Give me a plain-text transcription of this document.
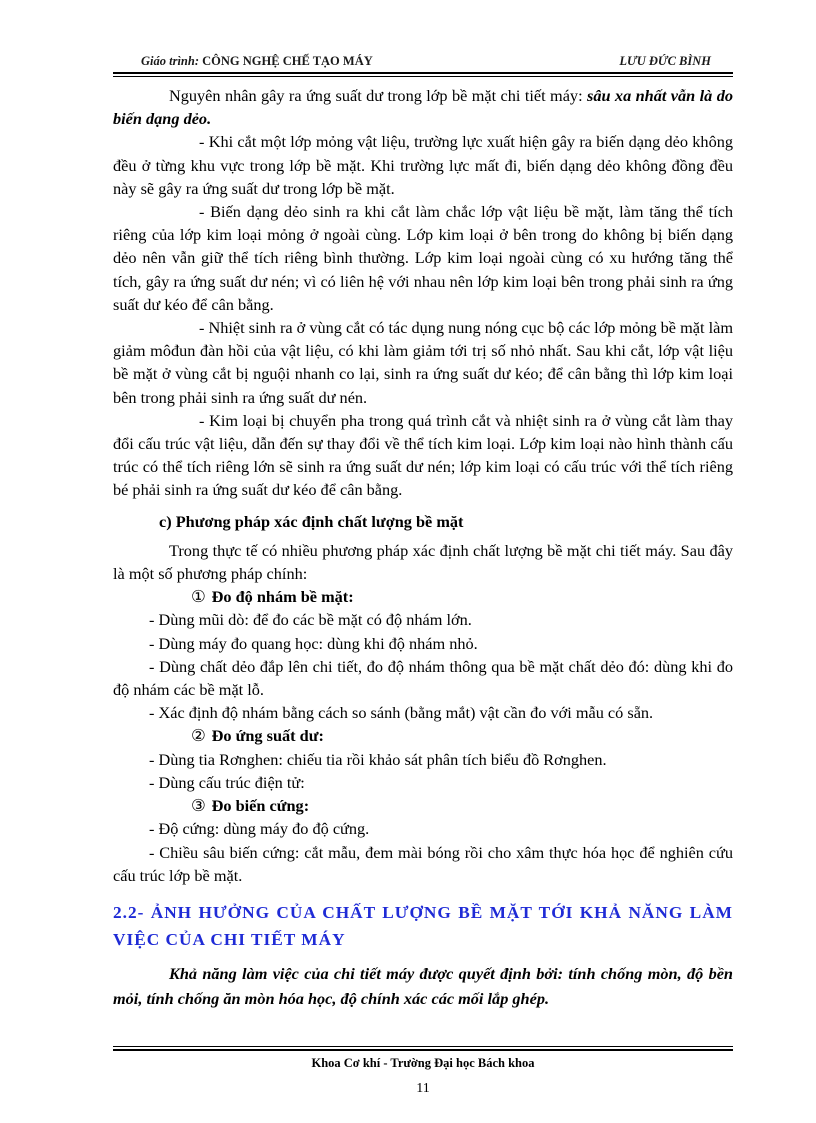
Giáo trình: CÔNG NGHỆ CHẾ TẠO MÁY	LƯU ĐỨC BÌNH

Nguyên nhân gây ra ứng suất dư trong lớp bề mặt chi tiết máy: sâu xa nhất vẫn là do biến dạng dẻo.

- Khi cắt một lớp mỏng vật liệu, trường lực xuất hiện gây ra biến dạng dẻo không đều ở từng khu vực trong lớp bề mặt. Khi trường lực mất đi, biến dạng dẻo không đồng đều này sẽ gây ra ứng suất dư trong lớp bề mặt.

- Biến dạng dẻo sinh ra khi cắt làm chắc lớp vật liệu bề mặt, làm tăng thể tích riêng của lớp kim loại mỏng ở ngoài cùng. Lớp kim loại ở bên trong do không bị biến dạng dẻo nên vẫn giữ thể tích riêng bình thường. Lớp kim loại ngoài cùng có xu hướng tăng thể tích, gây ra ứng suất dư nén; vì có liên hệ với nhau nên lớp kim loại bên trong phải sinh ra ứng suất dư kéo để cân bằng.

- Nhiệt sinh ra ở vùng cắt có tác dụng nung nóng cục bộ các lớp mỏng bề mặt làm giảm môđun đàn hồi của vật liệu, có khi làm giảm tới trị số nhỏ nhất. Sau khi cắt, lớp vật liệu bề mặt ở vùng cắt bị nguội nhanh co lại, sinh ra ứng suất dư kéo; để cân bằng thì lớp kim loại bên trong phải sinh ra ứng suất dư nén.

- Kim loại bị chuyển pha trong quá trình cắt và nhiệt sinh ra ở vùng cắt làm thay đổi cấu trúc vật liệu, dẫn đến sự thay đổi về thể tích kim loại. Lớp kim loại nào hình thành cấu trúc có thể tích riêng lớn sẽ sinh ra ứng suất dư nén; lớp kim loại có cấu trúc với thể tích riêng bé phải sinh ra ứng suất dư kéo để cân bằng.

c) Phương pháp xác định chất lượng bề mặt

Trong thực tế có nhiều phương pháp xác định chất lượng bề mặt chi tiết máy. Sau đây là một số phương pháp chính:

① Đo độ nhám bề mặt:

- Dùng mũi dò: để đo các bề mặt có độ nhám lớn.

- Dùng máy đo quang học: dùng khi độ nhám nhỏ.

- Dùng chất dẻo đắp lên chi tiết, đo độ nhám thông qua bề mặt chất dẻo đó: dùng khi đo độ nhám các bề mặt lỗ.

- Xác định độ nhám bằng cách so sánh (bằng mắt) vật cần đo với mẫu có sẵn.

② Đo ứng suất dư:

- Dùng tia Rơnghen: chiếu tia rồi khảo sát phân tích biểu đồ Rơnghen.

- Dùng cấu trúc điện tử:

③ Đo biến cứng:

- Độ cứng: dùng máy đo độ cứng.

- Chiều sâu biến cứng: cắt mẫu, đem mài bóng rồi cho xâm thực hóa học để nghiên cứu cấu trúc lớp bề mặt.

2.2- ẢNH HƯỞNG CỦA CHẤT LƯỢNG BỀ MẶT TỚI KHẢ NĂNG LÀM VIỆC CỦA CHI TIẾT MÁY

Khả năng làm việc của chi tiết máy được quyết định bởi: tính chống mòn, độ bền mỏi, tính chống ăn mòn hóa học, độ chính xác các mối lắp ghép.

Khoa Cơ khí - Trường Đại học Bách khoa
11
